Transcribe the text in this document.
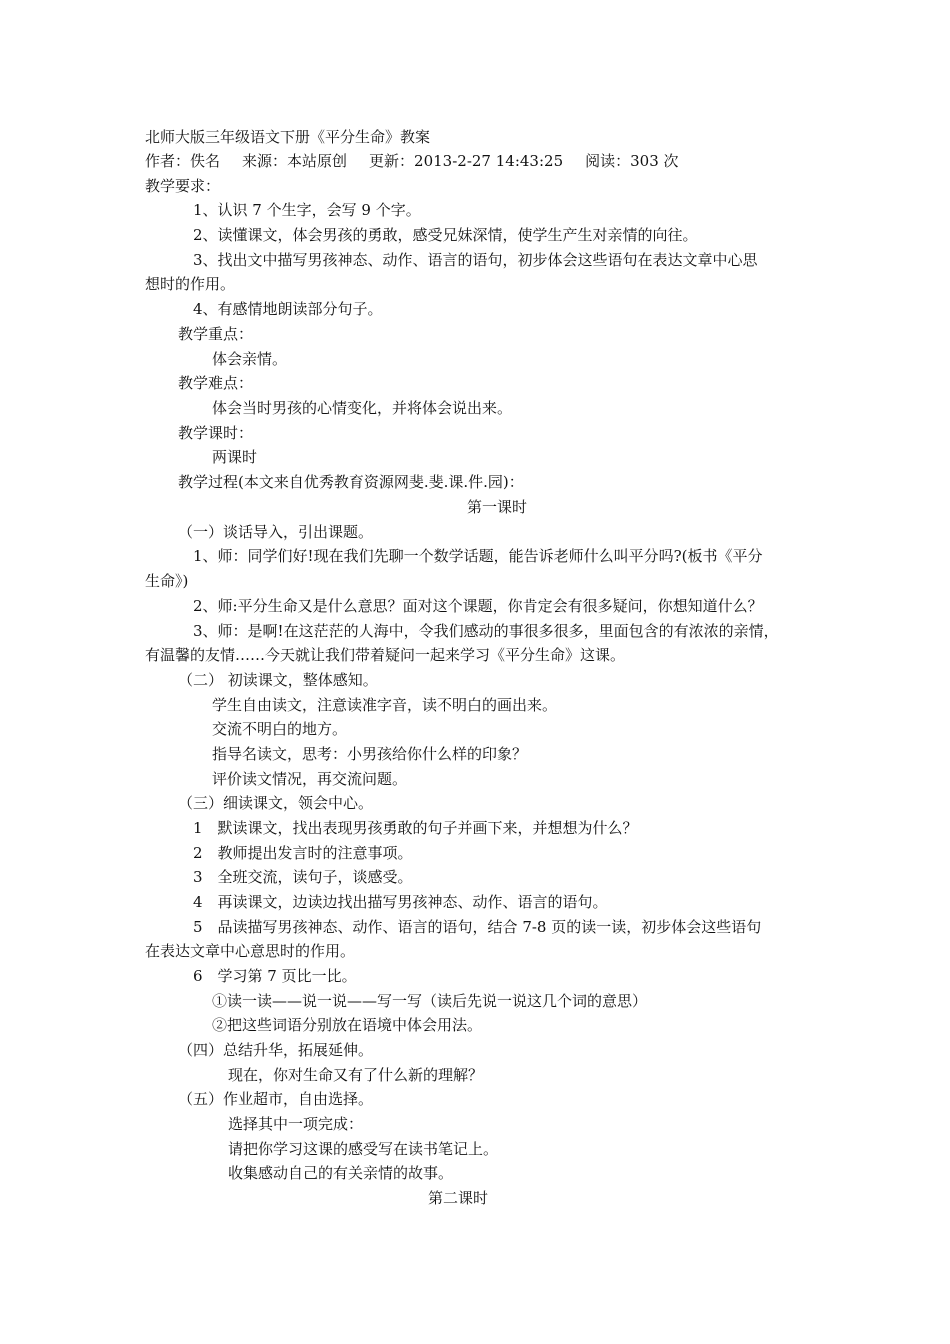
北师大版三年级语文下册《平分生命》教案
作者：佚名 来源：本站原创 更新：2013-2-27 14:43:25 阅读：303 次
教学要求：
1、认识 7 个生字，会写 9 个字。
2、读懂课文，体会男孩的勇敢，感受兄妹深情，使学生产生对亲情的向往。
3、找出文中描写男孩神态、动作、语言的语句，初步体会这些语句在表达文章中心思
想时的作用。
4、有感情地朗读部分句子。
教学重点：
体会亲情。
教学难点：
体会当时男孩的心情变化，并将体会说出来。
教学课时：
两课时
教学过程(本文来自优秀教育资源网斐.斐.课.件.园)：
第一课时
（一）谈话导入，引出课题。
1、师：同学们好!现在我们先聊一个数学话题，能告诉老师什么叫平分吗?(板书《平分
生命》)
2、师:平分生命又是什么意思？面对这个课题，你肯定会有很多疑问，你想知道什么？
3、师：是啊!在这茫茫的人海中，令我们感动的事很多很多，里面包含的有浓浓的亲情，
有温馨的友情……今天就让我们带着疑问一起来学习《平分生命》这课。
（二） 初读课文，整体感知。
学生自由读文，注意读准字音，读不明白的画出来。
交流不明白的地方。
指导名读文，思考：小男孩给你什么样的印象？
评价读文情况，再交流问题。
（三）细读课文，领会中心。
1　默读课文，找出表现男孩勇敢的句子并画下来，并想想为什么？
2　教师提出发言时的注意事项。
3　全班交流，读句子，谈感受。
4　再读课文，边读边找出描写男孩神态、动作、语言的语句。
5　品读描写男孩神态、动作、语言的语句，结合 7-8 页的读一读，初步体会这些语句
在表达文章中心意思时的作用。
6　学习第 7 页比一比。
①读一读——说一说——写一写（读后先说一说这几个词的意思）
②把这些词语分别放在语境中体会用法。
（四）总结升华，拓展延伸。
现在，你对生命又有了什么新的理解？
（五）作业超市，自由选择。
选择其中一项完成：
请把你学习这课的感受写在读书笔记上。
收集感动自己的有关亲情的故事。
第二课时
